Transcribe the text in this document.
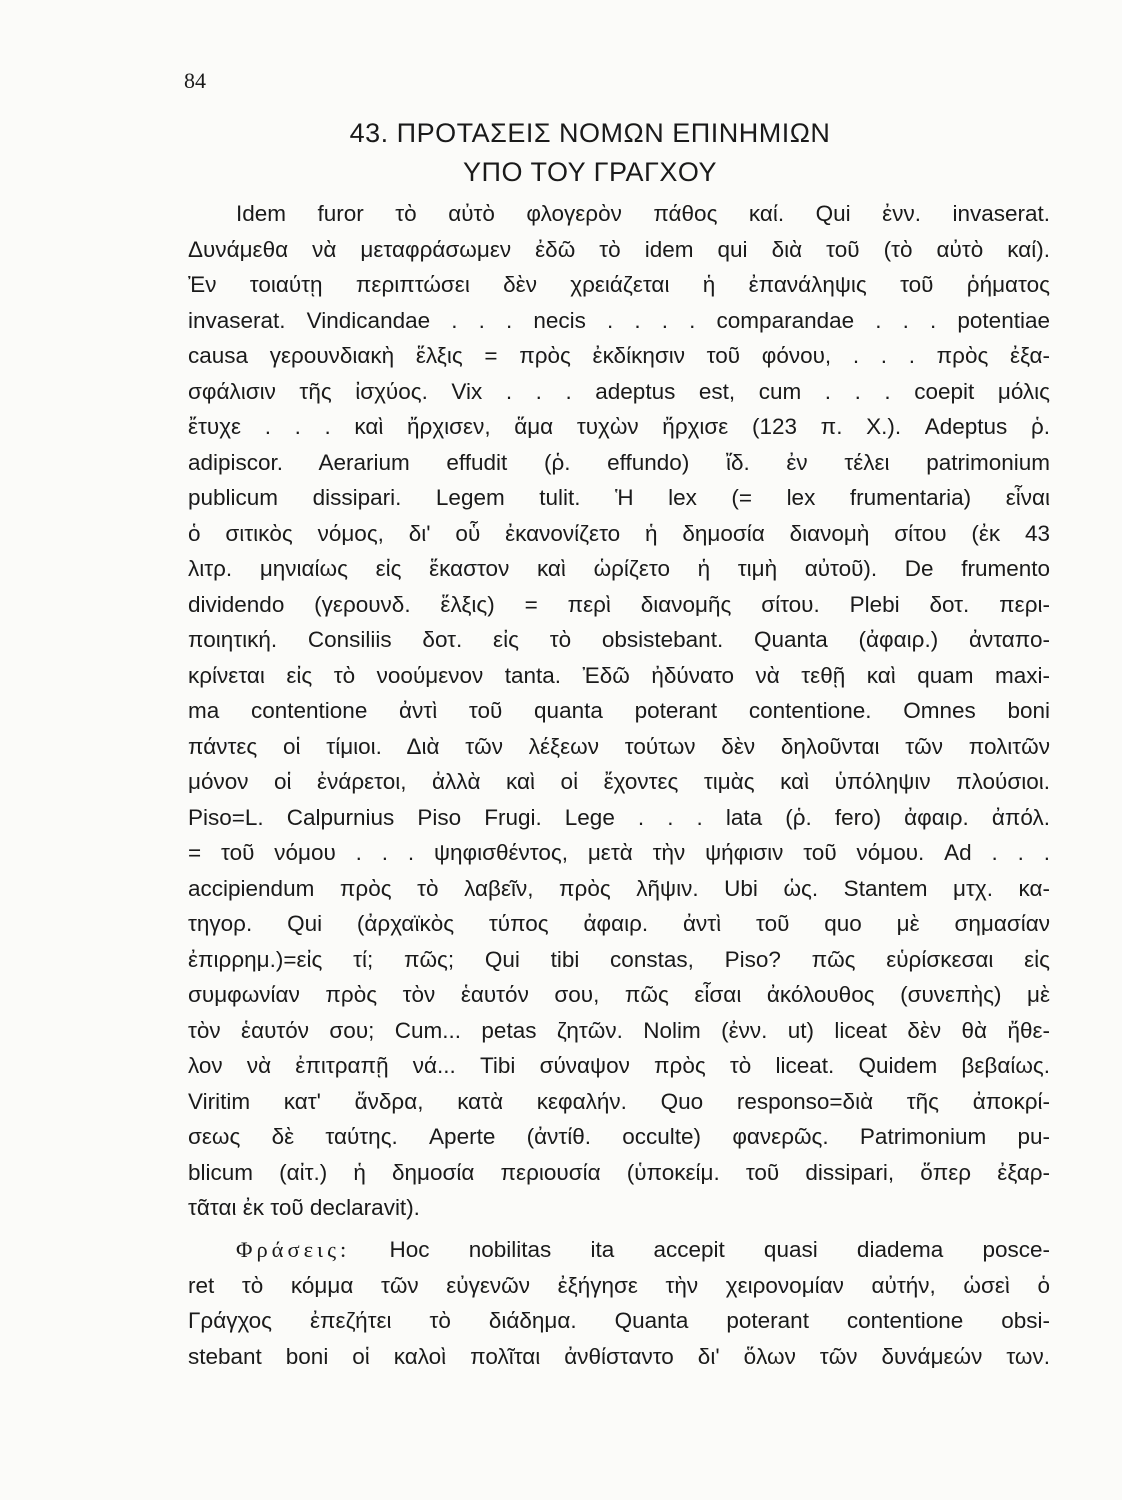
84
43. ΠΡΟΤΑΣΕΙΣ ΝΟΜΩΝ ΕΠΙΝΗΜΙΩΝ
ΥΠΟ ΤΟΥ ΓΡΑΓΧΟΥ
Idem furor τὸ αὐτὸ φλογερὸν πάθος καί. Qui ἐνν. invaserat.
Δυνάμεθα νὰ μεταφράσωμεν ἐδῶ τὸ idem qui διὰ τοῦ (τὸ αὐτὸ καί).
Ἐν τοιαύτῃ περιπτώσει δὲν χρειάζεται ἡ ἐπανάληψις τοῦ ῥήματος
invaserat. Vindicandae . . . necis . . . . comparandae . . . potentiae
causa γερουνδιακὴ ἕλξις = πρὸς ἐκδίκησιν τοῦ φόνου, . . . πρὸς ἐξα-
σφάλισιν τῆς ἰσχύος. Vix . . . adeptus est, cum . . . coepit μόλις
ἔτυχε . . . καὶ ἤρχισεν, ἅμα τυχὼν ἤρχισε (123 π. Χ.). Adeptus ῥ.
adipiscor. Aerarium effudit (ῥ. effundo) ἴδ. ἐν τέλει patrimonium
publicum dissipari. Legem tulit. Ἡ lex (= lex frumentaria) εἶναι
ὁ σιτικὸς νόμος, δι' οὗ ἐκανονίζετο ἡ δημοσία διανομὴ σίτου (ἐκ 43
λιτρ. μηνιαίως εἰς ἕκαστον καὶ ὡρίζετο ἡ τιμὴ αὐτοῦ). De frumento
dividendo (γερουνδ. ἕλξις) = περὶ διανομῆς σίτου. Plebi δοτ. περι-
ποιητική. Consiliis δοτ. εἰς τὸ obsistebant. Quanta (ἀφαιρ.) ἀνταπο-
κρίνεται εἰς τὸ νοούμενον tanta. Ἐδῶ ἠδύνατο νὰ τεθῇ καὶ quam maxi-
ma contentione ἀντὶ τοῦ quanta poterant contentione. Omnes boni
πάντες οἱ τίμιοι. Διὰ τῶν λέξεων τούτων δὲν δηλοῦνται τῶν πολιτῶν
μόνον οἱ ἐνάρετοι, ἀλλὰ καὶ οἱ ἔχοντες τιμὰς καὶ ὑπόληψιν πλούσιοι.
Piso=L. Calpurnius Piso Frugi. Lege . . . lata (ῥ. fero) ἀφαιρ. ἀπόλ.
= τοῦ νόμου . . . ψηφισθέντος, μετὰ τὴν ψήφισιν τοῦ νόμου. Ad . . .
accipiendum πρὸς τὸ λαβεῖν, πρὸς λῆψιν. Ubi ὡς. Stantem μτχ. κα-
τηγορ. Qui (ἀρχαϊκὸς τύπος ἀφαιρ. ἀντὶ τοῦ quo μὲ σημασίαν
ἐπιρρημ.)=εἰς τί; πῶς; Qui tibi constas, Piso? πῶς εὑρίσκεσαι εἰς
συμφωνίαν πρὸς τὸν ἑαυτόν σου, πῶς εἶσαι ἀκόλουθος (συνεπὴς) μὲ
τὸν ἑαυτόν σου; Cum... petas ζητῶν. Nolim (ἐνν. ut) liceat δὲν θὰ ἤθε-
λον νὰ ἐπιτραπῇ νά... Tibi σύναψον πρὸς τὸ liceat. Quidem βεβαίως.
Viritim κατ' ἄνδρα, κατὰ κεφαλήν. Quo responso=διὰ τῆς ἀποκρί-
σεως δὲ ταύτης. Aperte (ἀντίθ. occulte) φανερῶς. Patrimonium pu-
blicum (αἰτ.) ἡ δημοσία περιουσία (ὑποκείμ. τοῦ dissipari, ὅπερ ἐξαρ-
τᾶται ἐκ τοῦ declaravit).
Φράσεις: Hoc nobilitas ita accepit quasi diadema posce-
ret τὸ κόμμα τῶν εὐγενῶν ἐξήγησε τὴν χειρονομίαν αὐτήν, ὡσεὶ ὁ
Γράγχος ἐπεζήτει τὸ διάδημα. Quanta poterant contentione obsi-
stebant boni οἱ καλοὶ πολῖται ἀνθίσταντο δι' ὅλων τῶν δυνάμεών των.
